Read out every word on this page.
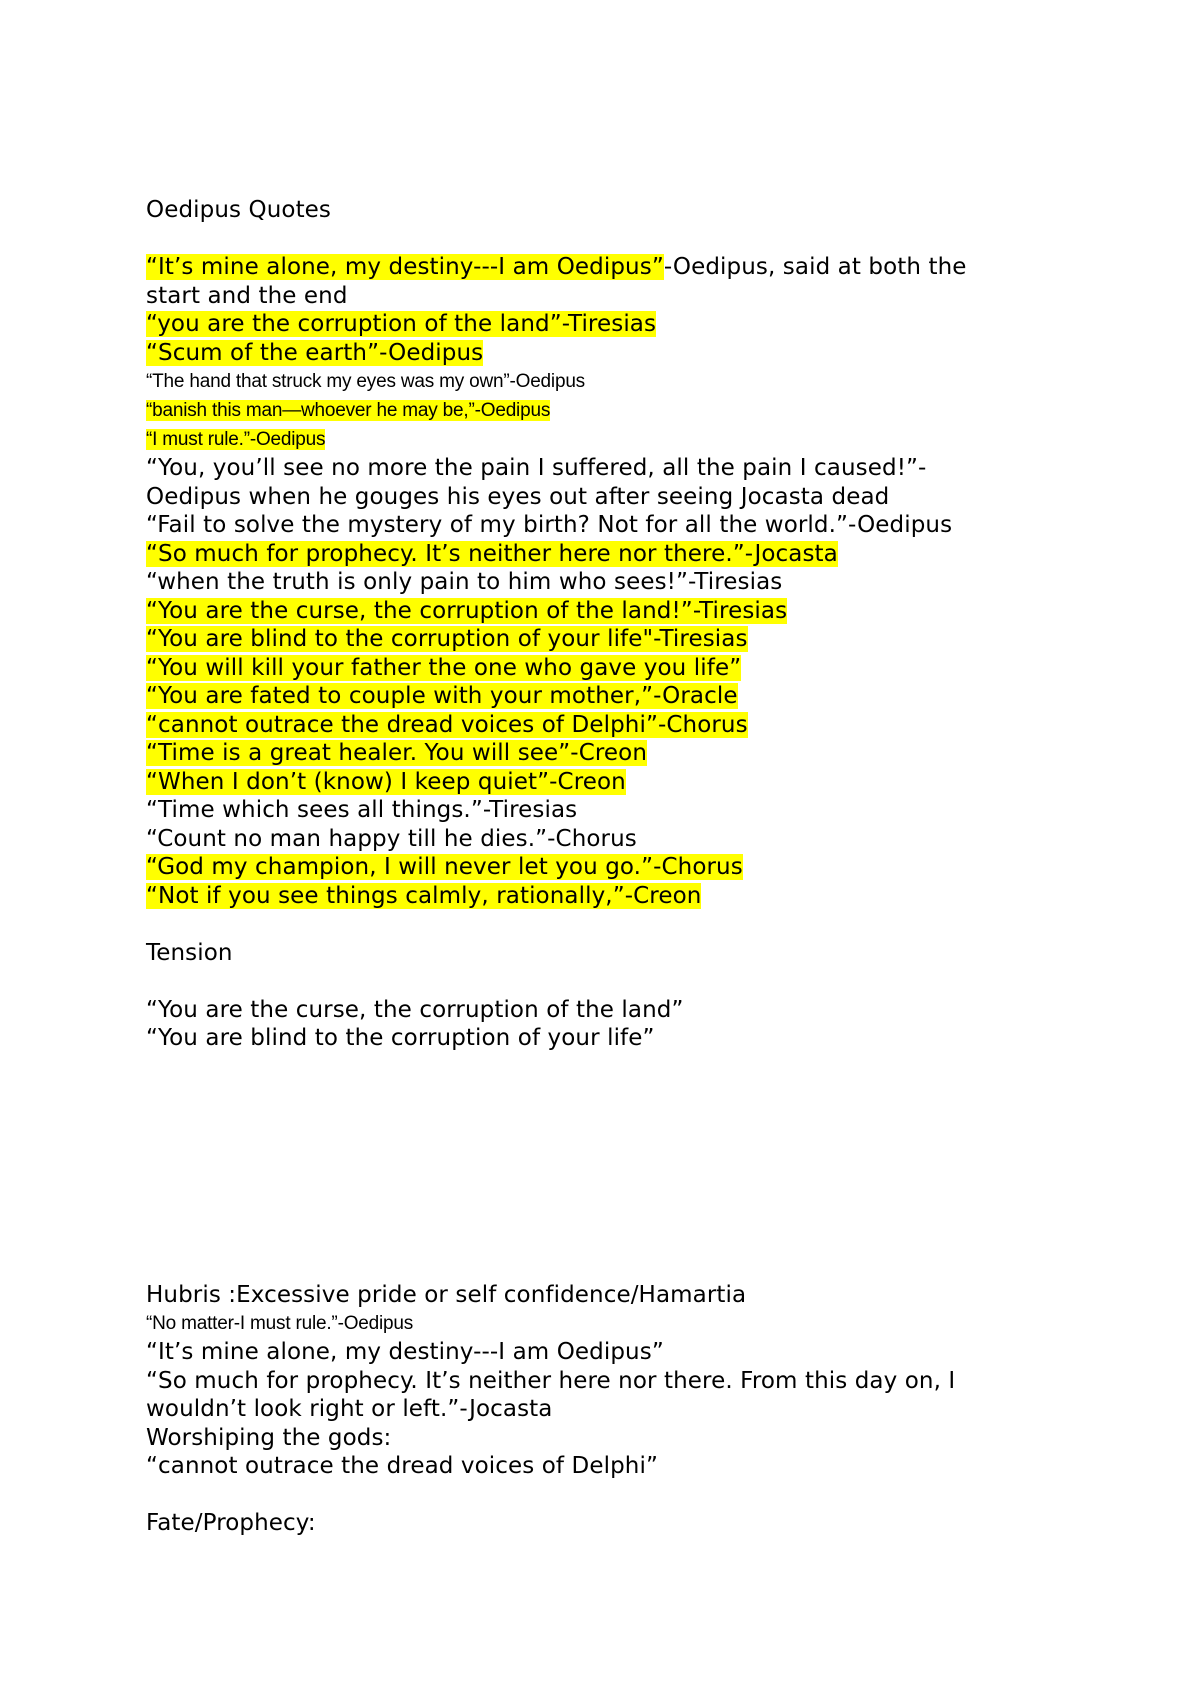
Oedipus Quotes
“It’s mine alone, my destiny---I am Oedipus”-Oedipus, said at both the
start and the end
“you are the corruption of the land”-Tiresias
“Scum of the earth”-Oedipus
“The hand that struck my eyes was my own”-Oedipus
“banish this man—whoever he may be,”-Oedipus
“I must rule.”-Oedipus
“You, you’ll see no more the pain I suffered, all the pain I caused!”-
Oedipus when he gouges his eyes out after seeing Jocasta dead
“Fail to solve the mystery of my birth? Not for all the world.”-Oedipus
“So much for prophecy. It’s neither here nor there.”-Jocasta
“when the truth is only pain to him who sees!”-Tiresias
“You are the curse, the corruption of the land!”-Tiresias
“You are blind to the corruption of your life"-Tiresias
“You will kill your father the one who gave you life”
“You are fated to couple with your mother,”-Oracle
“cannot outrace the dread voices of Delphi”-Chorus
“Time is a great healer. You will see”-Creon
“When I don’t (know) I keep quiet”-Creon
“Time which sees all things.”-Tiresias
“Count no man happy till he dies.”-Chorus
“God my champion, I will never let you go.”-Chorus
“Not if you see things calmly, rationally,”-Creon
Tension
“You are the curse, the corruption of the land”
“You are blind to the corruption of your life”
Hubris :Excessive pride or self confidence/Hamartia
“No matter-I must rule.”-Oedipus
“It’s mine alone, my destiny---I am Oedipus”
“So much for prophecy. It’s neither here nor there. From this day on, I
wouldn’t look right or left.”-Jocasta
Worshiping the gods:
“cannot outrace the dread voices of Delphi”
Fate/Prophecy:
